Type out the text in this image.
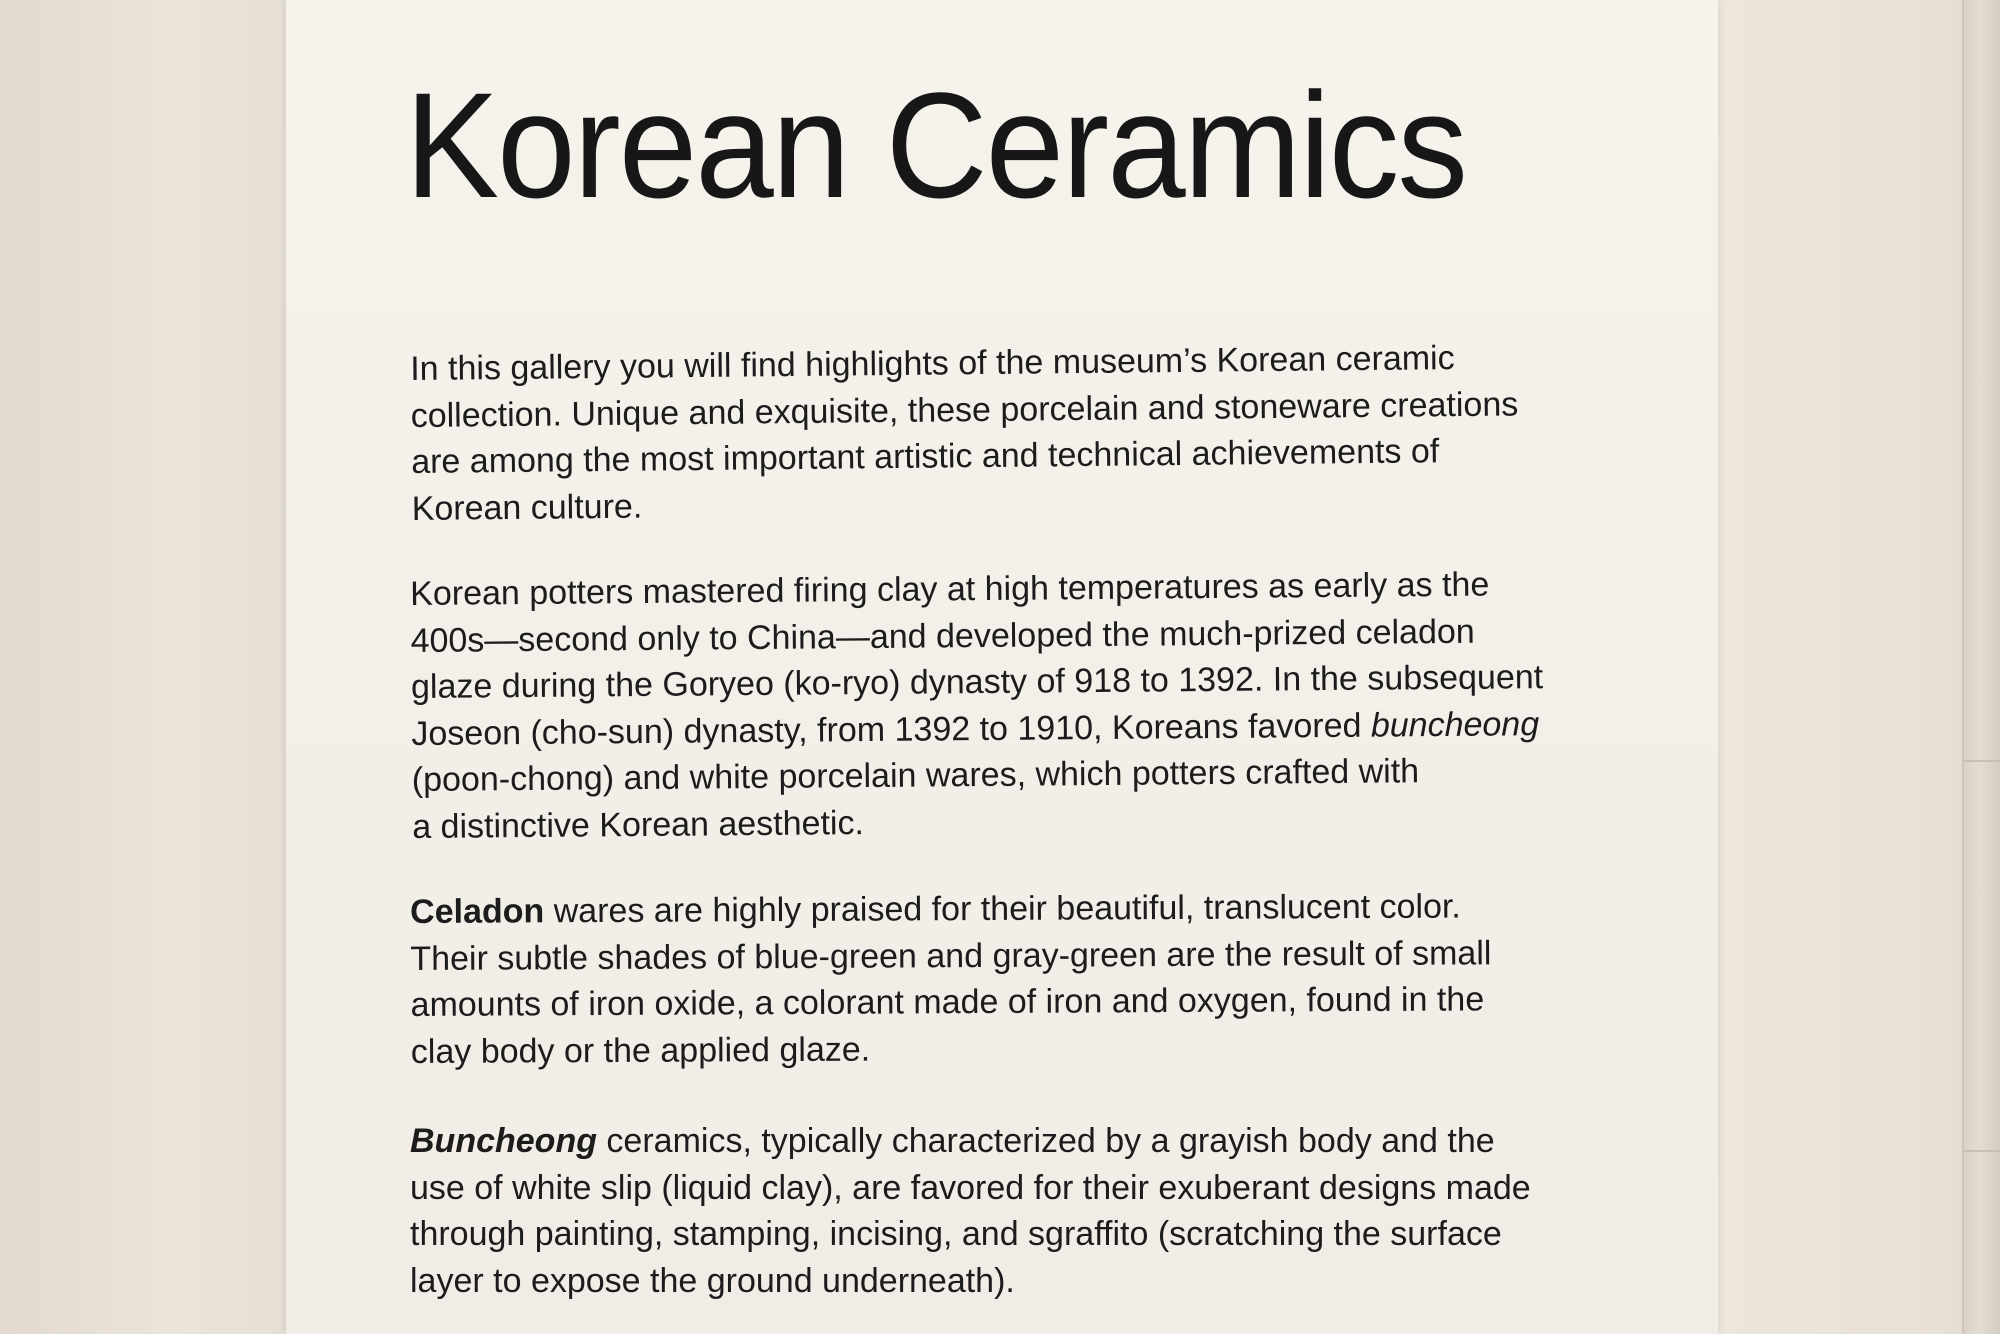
Korean Ceramics
In this gallery you will find highlights of the museum’s Korean ceramic
collection. Unique and exquisite, these porcelain and stoneware creations
are among the most important artistic and technical achievements of
Korean culture.
Korean potters mastered firing clay at high temperatures as early as the
400s—second only to China—and developed the much-prized celadon
glaze during the Goryeo (ko-ryo) dynasty of 918 to 1392. In the subsequent
Joseon (cho-sun) dynasty, from 1392 to 1910, Koreans favored buncheong
(poon-chong) and white porcelain wares, which potters crafted with
a distinctive Korean aesthetic.
Celadon wares are highly praised for their beautiful, translucent color.
Their subtle shades of blue-green and gray-green are the result of small
amounts of iron oxide, a colorant made of iron and oxygen, found in the
clay body or the applied glaze.
Buncheong ceramics, typically characterized by a grayish body and the
use of white slip (liquid clay), are favored for their exuberant designs made
through painting, stamping, incising, and sgraffito (scratching the surface
layer to expose the ground underneath).
